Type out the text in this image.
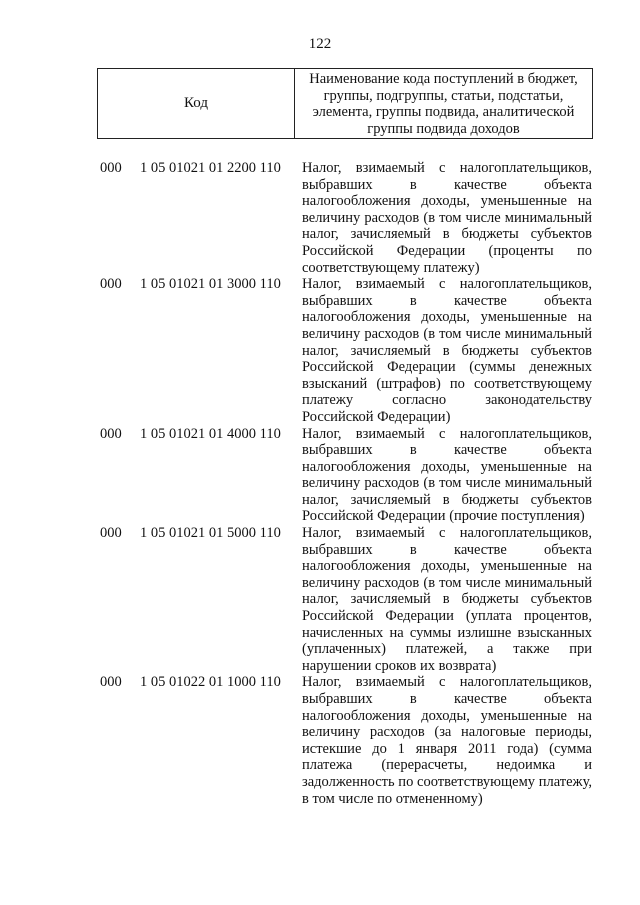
122
Код
Наименование кода поступлений в бюджет, группы, подгруппы, статьи, подстатьи, элемента, группы подвида, аналитической группы подвида доходов
000	1 05 01021 01 2200 110	Налог, взимаемый с налогоплательщиков,
выбравших в качестве объекта
налогообложения доходы, уменьшенные на
величину расходов (в том числе минимальный
налог, зачисляемый в бюджеты субъектов
Российской Федерации (проценты по
соответствующему платежу)
000	1 05 01021 01 3000 110	Налог, взимаемый с налогоплательщиков,
выбравших в качестве объекта
налогообложения доходы, уменьшенные на
величину расходов (в том числе минимальный
налог, зачисляемый в бюджеты субъектов
Российской Федерации (суммы денежных
взысканий (штрафов) по соответствующему
платежу согласно законодательству
Российской Федерации)
000	1 05 01021 01 4000 110	Налог, взимаемый с налогоплательщиков,
выбравших в качестве объекта
налогообложения доходы, уменьшенные на
величину расходов (в том числе минимальный
налог, зачисляемый в бюджеты субъектов
Российской Федерации (прочие поступления)
000	1 05 01021 01 5000 110	Налог, взимаемый с налогоплательщиков,
выбравших в качестве объекта
налогообложения доходы, уменьшенные на
величину расходов (в том числе минимальный
налог, зачисляемый в бюджеты субъектов
Российской Федерации (уплата процентов,
начисленных на суммы излишне взысканных
(уплаченных) платежей, а также при
нарушении сроков их возврата)
000	1 05 01022 01 1000 110	Налог, взимаемый с налогоплательщиков,
выбравших в качестве объекта
налогообложения доходы, уменьшенные на
величину расходов (за налоговые периоды,
истекшие до 1 января 2011 года) (сумма
платежа (перерасчеты, недоимка и
задолженность по соответствующему платежу,
в том числе по отмененному)
